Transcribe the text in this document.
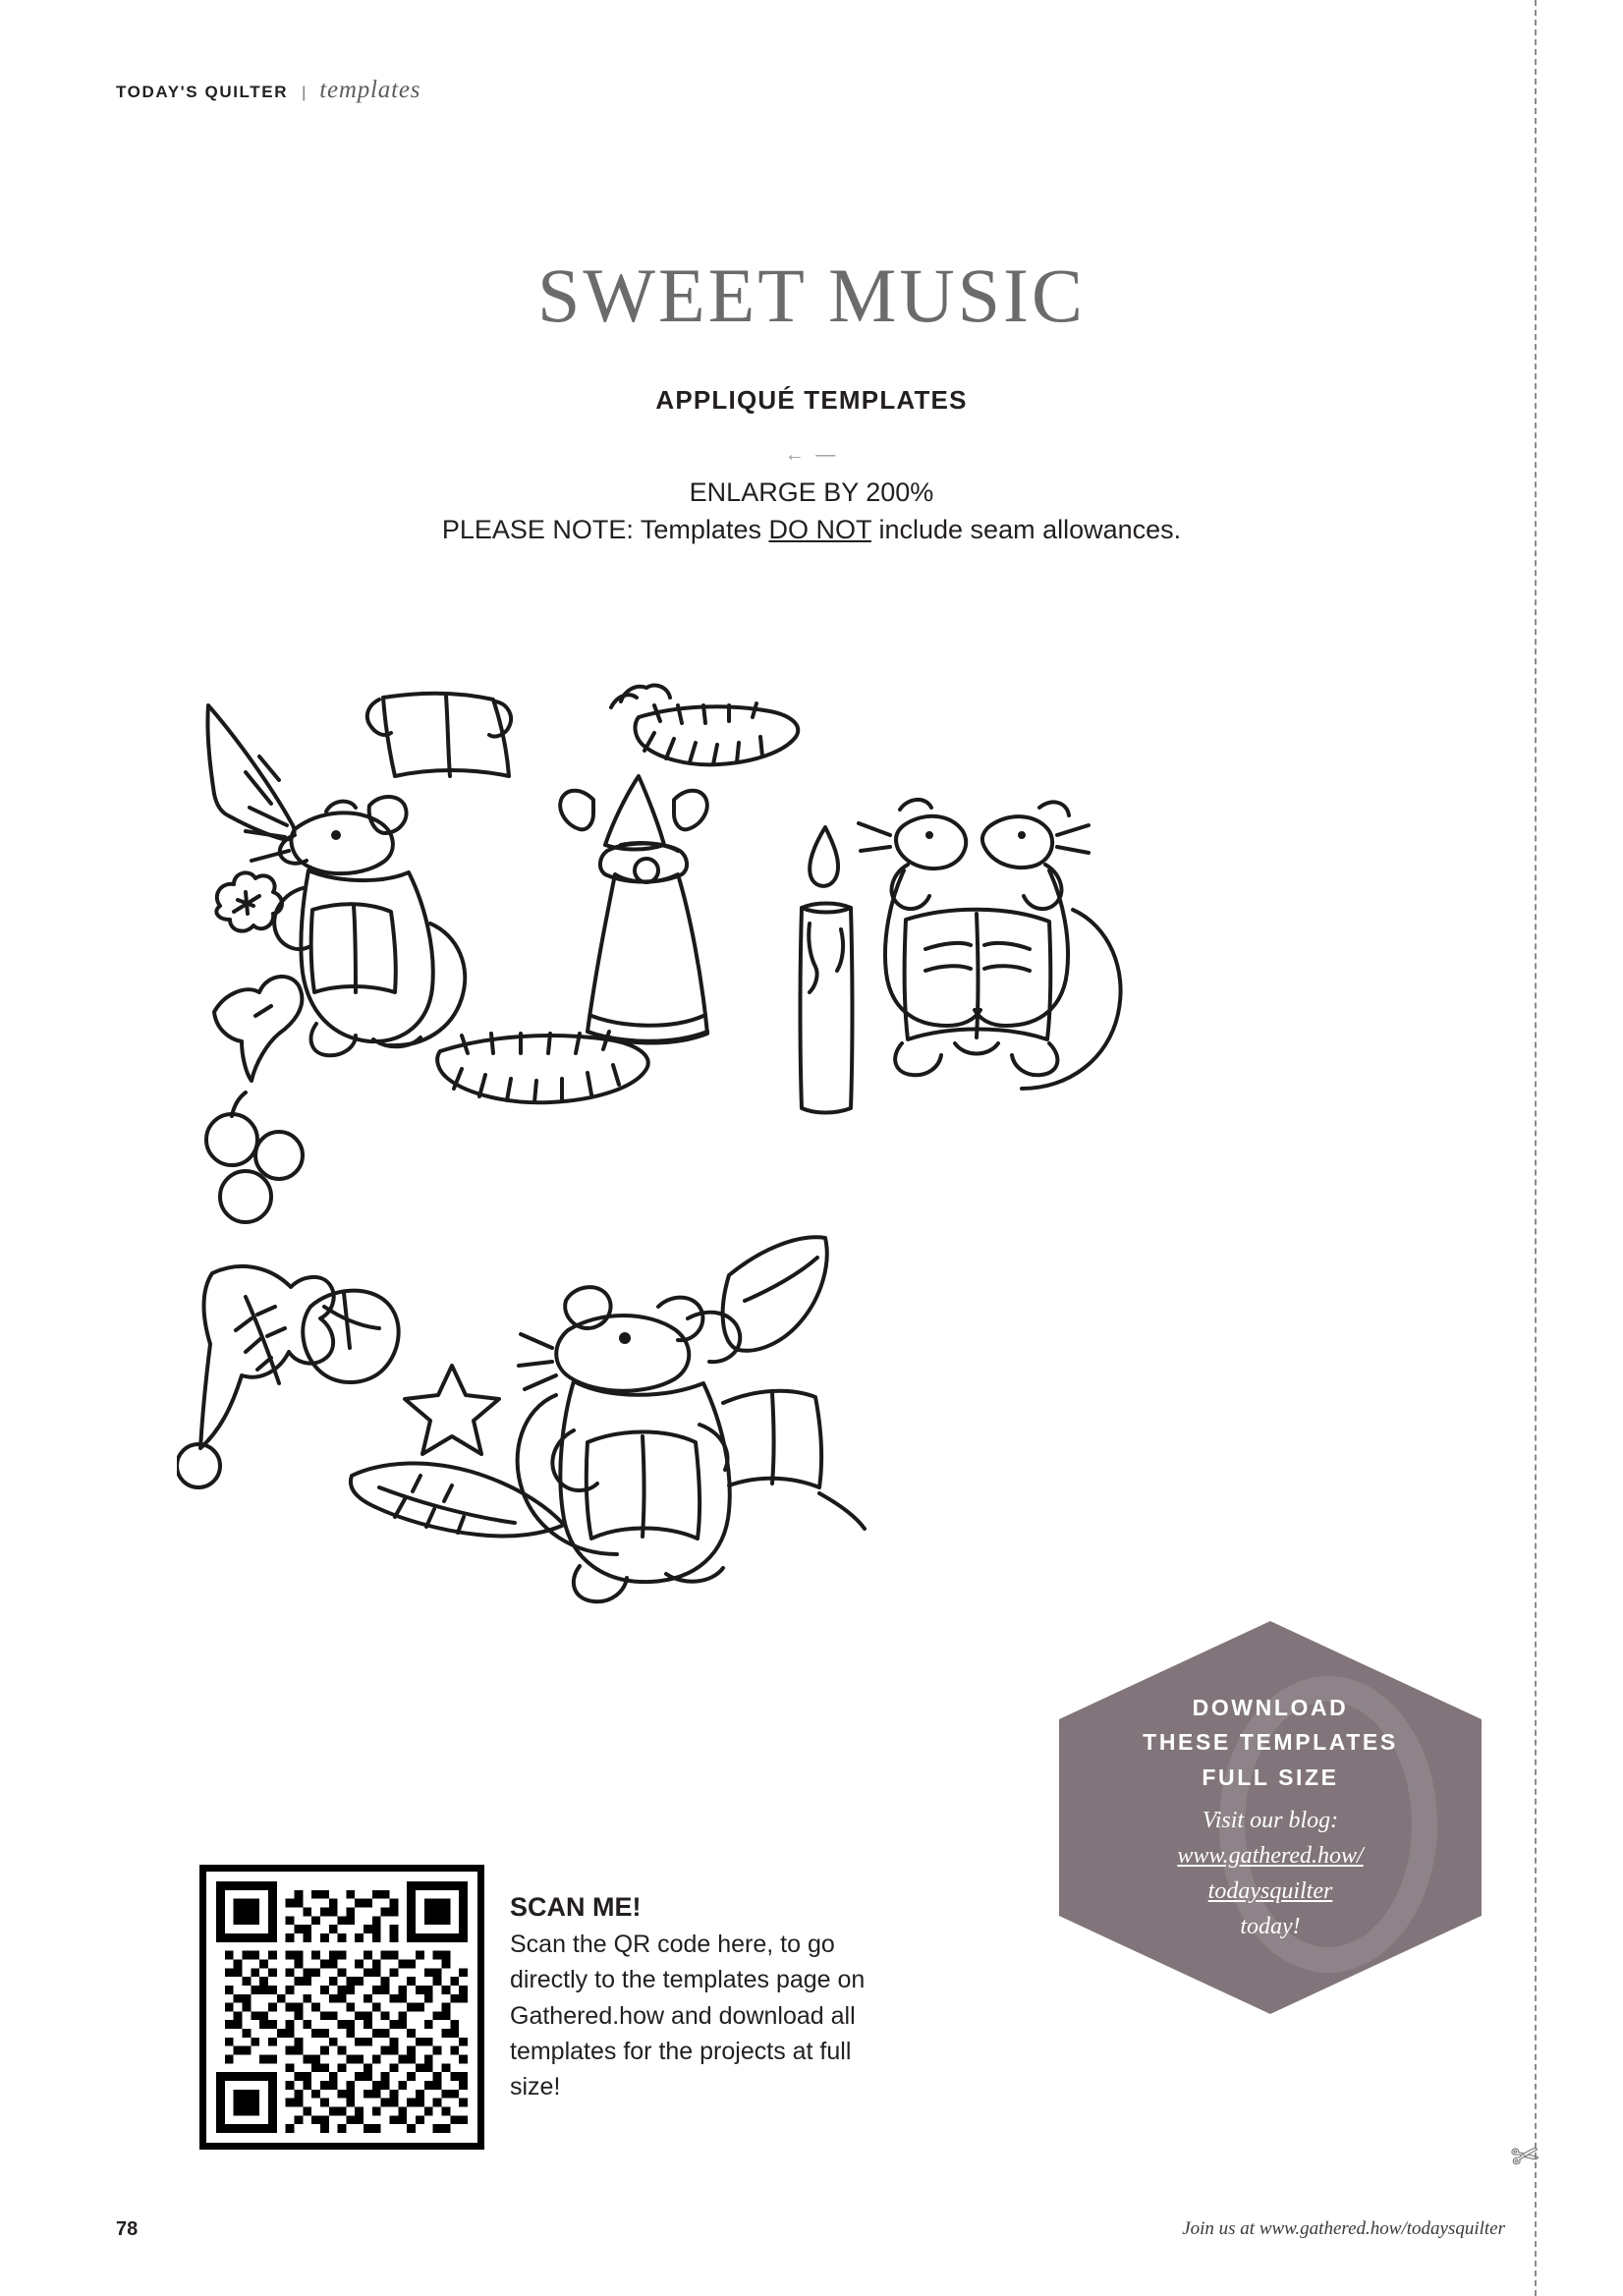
TODAY'S QUILTER | templates
SWEET MUSIC
APPLIQUÉ TEMPLATES
← —
ENLARGE BY 200%
PLEASE NOTE: Templates DO NOT include seam allowances.
DOWNLOAD
THESE TEMPLATES
FULL SIZE
Visit our blog:
www.gathered.how/
todaysquilter
today!
SCAN ME!
Scan the QR code here, to go directly to the templates page on Gathered.how and download all templates for the projects at full size!
78	Join us at www.gathered.how/todaysquilter
✄
